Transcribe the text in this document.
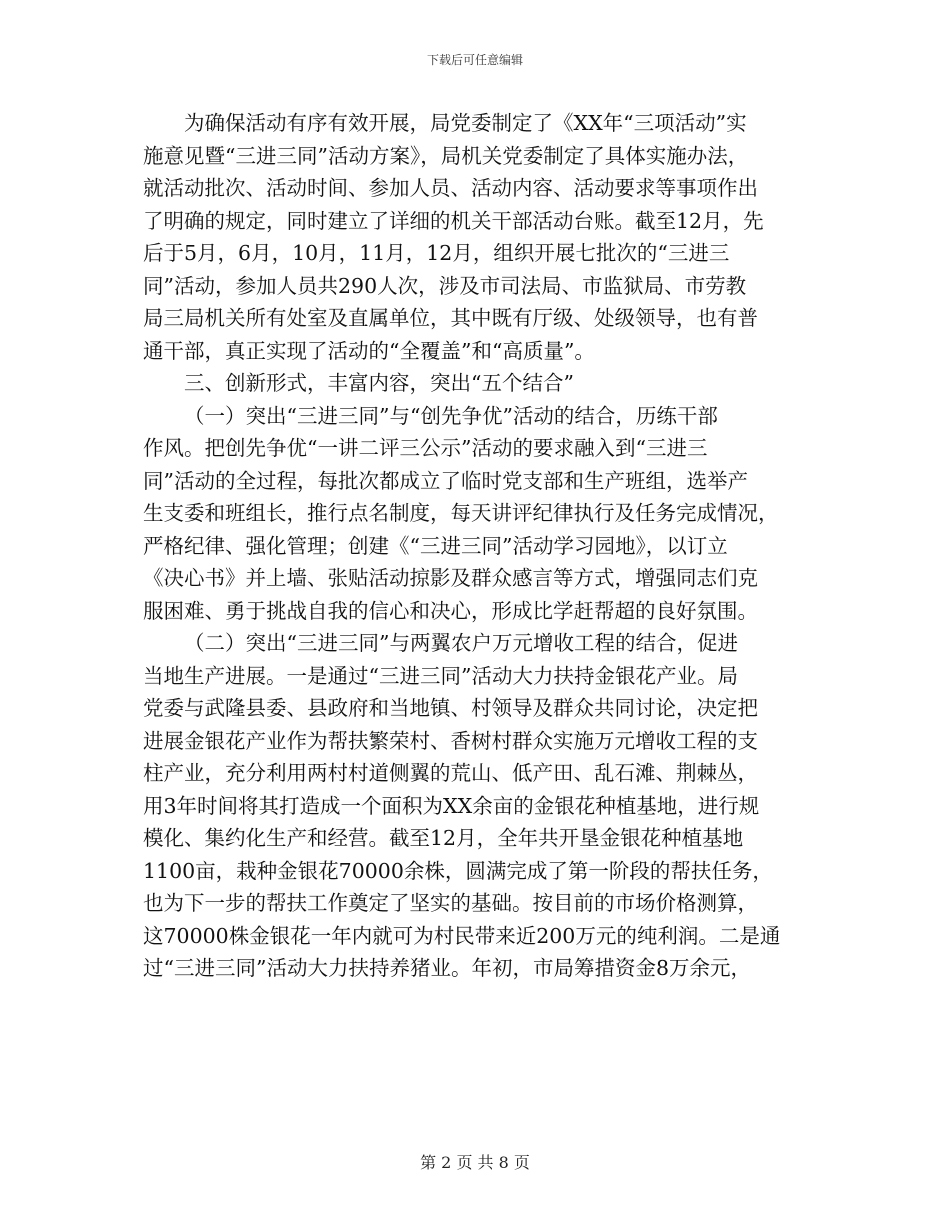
下载后可任意编辑
为确保活动有序有效开展，局党委制定了《XX年“三项活动”实
施意见暨“三进三同”活动方案》，局机关党委制定了具体实施办法，
就活动批次、活动时间、参加人员、活动内容、活动要求等事项作出
了明确的规定，同时建立了详细的机关干部活动台账。截至12月，先
后于5月，6月，10月，11月，12月，组织开展七批次的“三进三
同”活动，参加人员共290人次，涉及市司法局、市监狱局、市劳教
局三局机关所有处室及直属单位，其中既有厅级、处级领导，也有普
通干部，真正实现了活动的“全覆盖”和“高质量”。
三、创新形式，丰富内容，突出“五个结合”
（一）突出“三进三同”与“创先争优”活动的结合，历练干部
作风。把创先争优“一讲二评三公示”活动的要求融入到“三进三
同”活动的全过程，每批次都成立了临时党支部和生产班组，选举产
生支委和班组长，推行点名制度，每天讲评纪律执行及任务完成情况，
严格纪律、强化管理；创建《“三进三同”活动学习园地》，以订立
《决心书》并上墙、张贴活动掠影及群众感言等方式，增强同志们克
服困难、勇于挑战自我的信心和决心，形成比学赶帮超的良好氛围。
（二）突出“三进三同”与两翼农户万元增收工程的结合，促进
当地生产进展。一是通过“三进三同”活动大力扶持金银花产业。局
党委与武隆县委、县政府和当地镇、村领导及群众共同讨论，决定把
进展金银花产业作为帮扶繁荣村、香树村群众实施万元增收工程的支
柱产业，充分利用两村村道侧翼的荒山、低产田、乱石滩、荆棘丛，
用3年时间将其打造成一个面积为XX余亩的金银花种植基地，进行规
模化、集约化生产和经营。截至12月，全年共开垦金银花种植基地
1100亩，栽种金银花70000余株，圆满完成了第一阶段的帮扶任务，
也为下一步的帮扶工作奠定了坚实的基础。按目前的市场价格测算，
这70000株金银花一年内就可为村民带来近200万元的纯利润。二是通
过“三进三同”活动大力扶持养猪业。年初，市局筹措资金8万余元，
第 2 页 共 8 页
